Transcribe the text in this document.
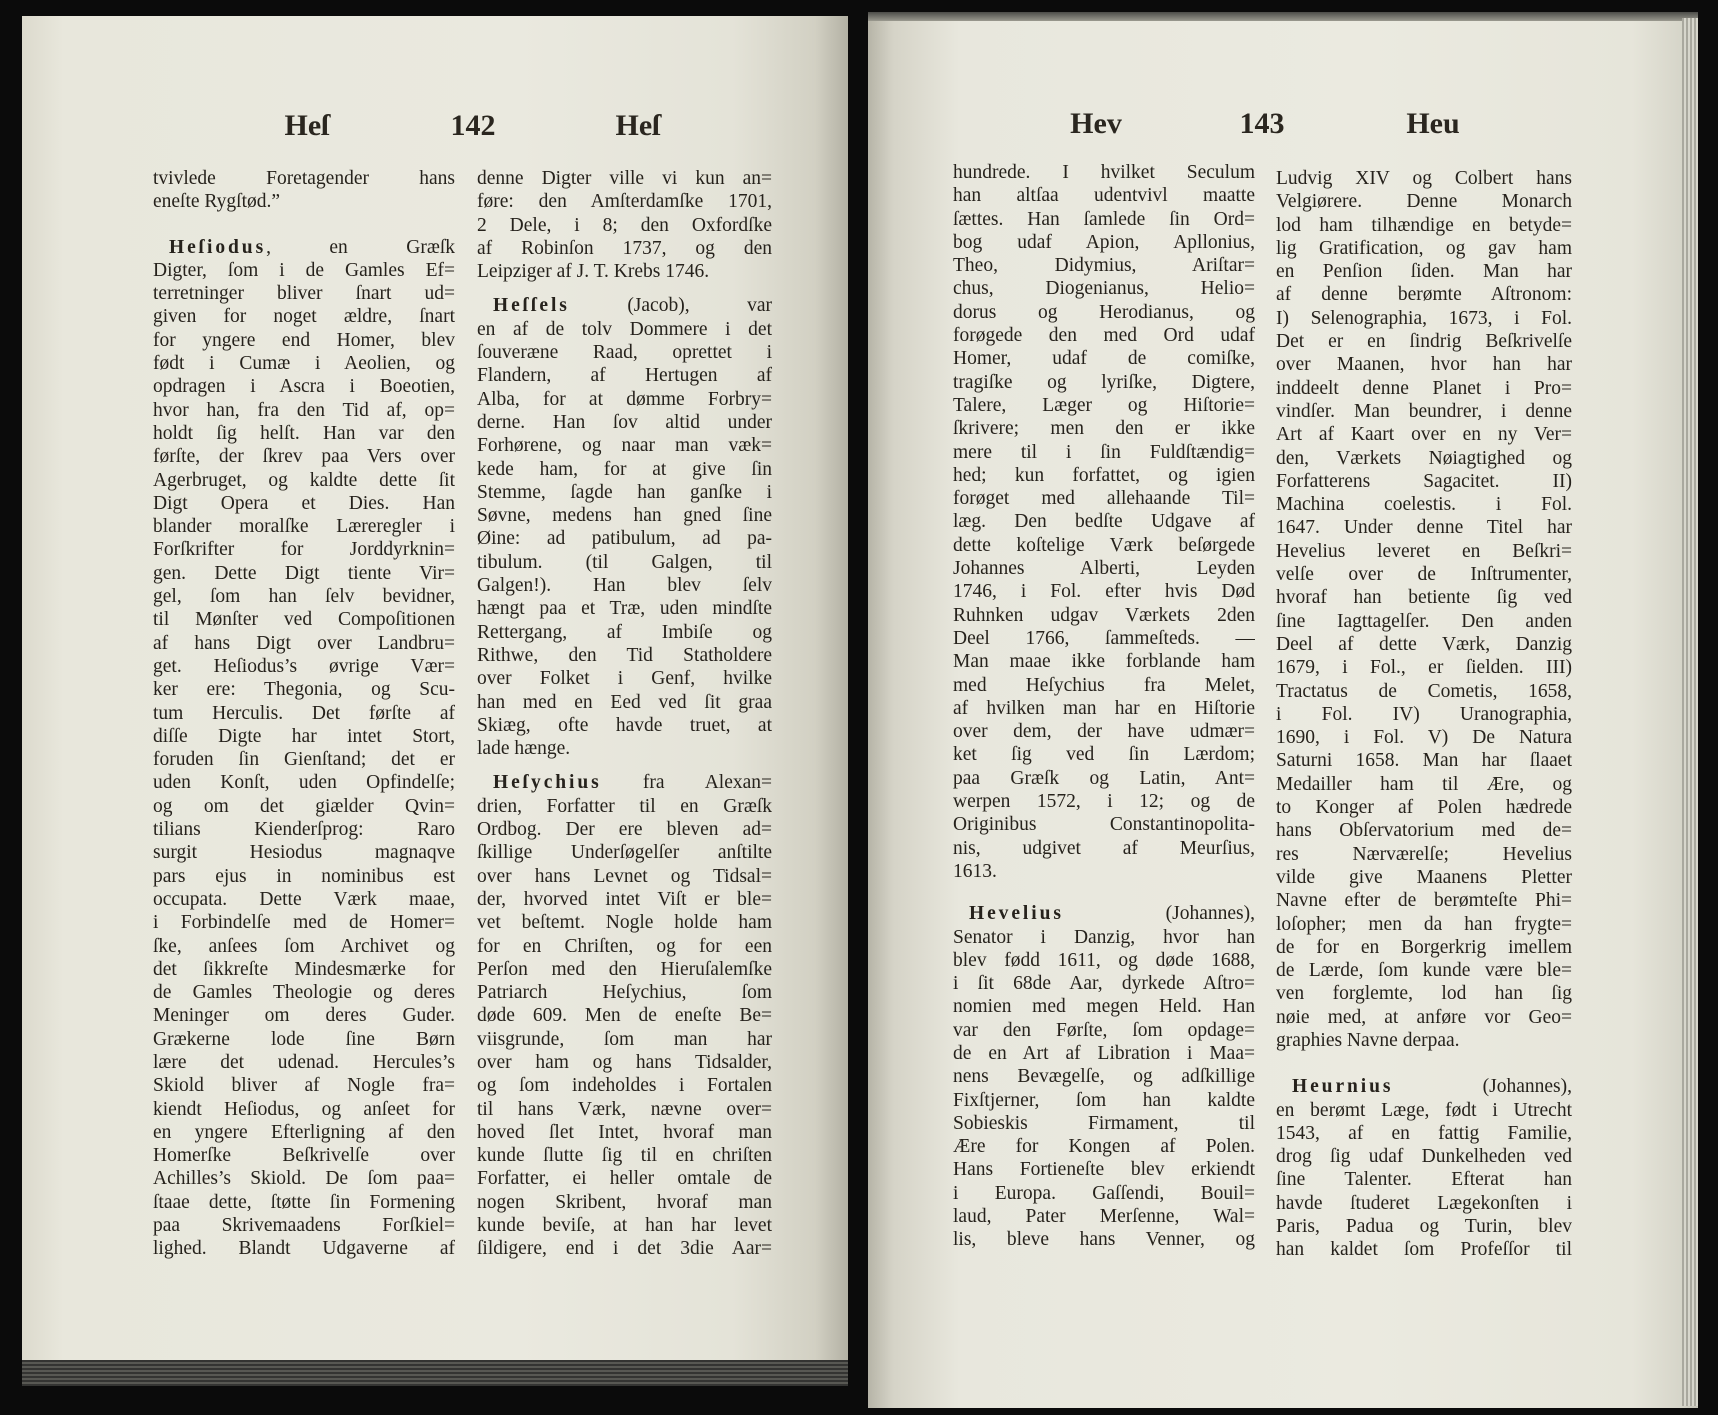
Heſ	142	Heſ	Hev	143	Heu
tvivlede Foretagender hans
eneſte Rygſtød.”
Heſiodus, en Græſk
Digter, ſom i de Gamles Ef=
terretninger bliver ſnart ud=
given for noget ældre, ſnart
for yngere end Homer, blev
født i Cumæ i Aeolien, og
opdragen i Ascra i Boeotien,
hvor han, fra den Tid af, op=
holdt ſig helſt. Han var den
førſte, der ſkrev paa Vers over
Agerbruget, og kaldte dette ſit
Digt Opera et Dies. Han
blander moralſke Læreregler i
Forſkrifter for Jorddyrknin=
gen. Dette Digt tiente Vir=
gel, ſom han ſelv bevidner,
til Mønſter ved Compoſitionen
af hans Digt over Landbru=
get. Heſiodus’s øvrige Vær=
ker ere: Thegonia, og Scu-
tum Herculis. Det førſte af
diſſe Digte har intet Stort,
foruden ſin Gienſtand; det er
uden Konſt, uden Opfindelſe;
og om det giælder Qvin=
tilians Kienderſprog: Raro
surgit Hesiodus magnaqve
pars ejus in nominibus est
occupata. Dette Værk maae,
i Forbindelſe med de Homer=
ſke, anſees ſom Archivet og
det ſikkreſte Mindesmærke for
de Gamles Theologie og deres
Meninger om deres Guder.
Grækerne lode ſine Børn
lære det udenad. Hercules’s
Skiold bliver af Nogle fra=
kiendt Heſiodus, og anſeet for
en yngere Efterligning af den
Homerſke Beſkrivelſe over
Achilles’s Skiold. De ſom paa=
ſtaae dette, ſtøtte ſin Formening
paa Skrivemaadens Forſkiel=
lighed. Blandt Udgaverne af
denne Digter ville vi kun an=
føre: den Amſterdamſke 1701,
2 Dele, i 8; den Oxfordſke
af Robinſon 1737, og den
Leipziger af J. T. Krebs 1746.
Heſſels (Jacob), var
en af de tolv Dommere i det
ſouveræne Raad, oprettet i
Flandern, af Hertugen af
Alba, for at dømme Forbry=
derne. Han ſov altid under
Forhørene, og naar man væk=
kede ham, for at give ſin
Stemme, ſagde han ganſke i
Søvne, medens han gned ſine
Øine: ad patibulum, ad pa-
tibulum. (til Galgen, til
Galgen!). Han blev ſelv
hængt paa et Træ, uden mindſte
Rettergang, af Imbiſe og
Rithwe, den Tid Statholdere
over Folket i Genf, hvilke
han med en Eed ved ſit graa
Skiæg, ofte havde truet, at
lade hænge.
Heſychius fra Alexan=
drien, Forfatter til en Græſk
Ordbog. Der ere bleven ad=
ſkillige Underſøgelſer anſtilte
over hans Levnet og Tidsal=
der, hvorved intet Viſt er ble=
vet beſtemt. Nogle holde ham
for en Chriſten, og for een
Perſon med den Hieruſalemſke
Patriarch Heſychius, ſom
døde 609. Men de eneſte Be=
viisgrunde, ſom man har
over ham og hans Tidsalder,
og ſom indeholdes i Fortalen
til hans Værk, nævne over=
hoved ſlet Intet, hvoraf man
kunde ſlutte ſig til en chriſten
Forfatter, ei heller omtale de
nogen Skribent, hvoraf man
kunde beviſe, at han har levet
ſildigere, end i det 3die Aar=
hundrede. I hvilket Seculum
han altſaa udentvivl maatte
ſættes. Han ſamlede ſin Ord=
bog udaf Apion, Apllonius,
Theo, Didymius, Ariſtar=
chus, Diogenianus, Helio=
dorus og Herodianus, og
forøgede den med Ord udaf
Homer, udaf de comiſke,
tragiſke og lyriſke, Digtere,
Talere, Læger og Hiſtorie=
ſkrivere; men den er ikke
mere til i ſin Fuldſtændig=
hed; kun forfattet, og igien
forøget med allehaande Til=
læg. Den bedſte Udgave af
dette koſtelige Værk beſørgede
Johannes Alberti, Leyden
1746, i Fol. efter hvis Død
Ruhnken udgav Værkets 2den
Deel 1766, ſammeſteds. —
Man maae ikke forblande ham
med Heſychius fra Melet,
af hvilken man har en Hiſtorie
over dem, der have udmær=
ket ſig ved ſin Lærdom;
paa Græſk og Latin, Ant=
werpen 1572, i 12; og de
Originibus Constantinopolita-
nis, udgivet af Meurſius,
1613.
Hevelius (Johannes),
Senator i Danzig, hvor han
blev fødd 1611, og døde 1688,
i ſit 68de Aar, dyrkede Aſtro=
nomien med megen Held. Han
var den Førſte, ſom opdage=
de en Art af Libration i Maa=
nens Bevægelſe, og adſkillige
Fixſtjerner, ſom han kaldte
Sobieskis Firmament, til
Ære for Kongen af Polen.
Hans Fortieneſte blev erkiendt
i Europa. Gaſſendi, Bouil=
laud, Pater Merſenne, Wal=
lis, bleve hans Venner, og
Ludvig XIV og Colbert hans
Velgiørere. Denne Monarch
lod ham tilhændige en betyde=
lig Gratification, og gav ham
en Penſion ſiden. Man har
af denne berømte Aſtronom:
I) Selenographia, 1673, i Fol.
Det er en ſindrig Beſkrivelſe
over Maanen, hvor han har
inddeelt denne Planet i Pro=
vindſer. Man beundrer, i denne
Art af Kaart over en ny Ver=
den, Værkets Nøiagtighed og
Forfatterens Sagacitet. II)
Machina coelestis. i Fol.
1647. Under denne Titel har
Hevelius leveret en Beſkri=
velſe over de Inſtrumenter,
hvoraf han betiente ſig ved
ſine Iagttagelſer. Den anden
Deel af dette Værk, Danzig
1679, i Fol., er ſielden. III)
Tractatus de Cometis, 1658,
i Fol. IV) Uranographia,
1690, i Fol. V) De Natura
Saturni 1658. Man har ſlaaet
Medailler ham til Ære, og
to Konger af Polen hædrede
hans Obſervatorium med de=
res Nærværelſe; Hevelius
vilde give Maanens Pletter
Navne efter de berømteſte Phi=
loſopher; men da han frygte=
de for en Borgerkrig imellem
de Lærde, ſom kunde være ble=
ven forglemte, lod han ſig
nøie med, at anføre vor Geo=
graphies Navne derpaa.
Heurnius (Johannes),
en berømt Læge, født i Utrecht
1543, af en fattig Familie,
drog ſig udaf Dunkelheden ved
ſine Talenter. Efterat han
havde ſtuderet Lægekonſten i
Paris, Padua og Turin, blev
han kaldet ſom Profeſſor til
